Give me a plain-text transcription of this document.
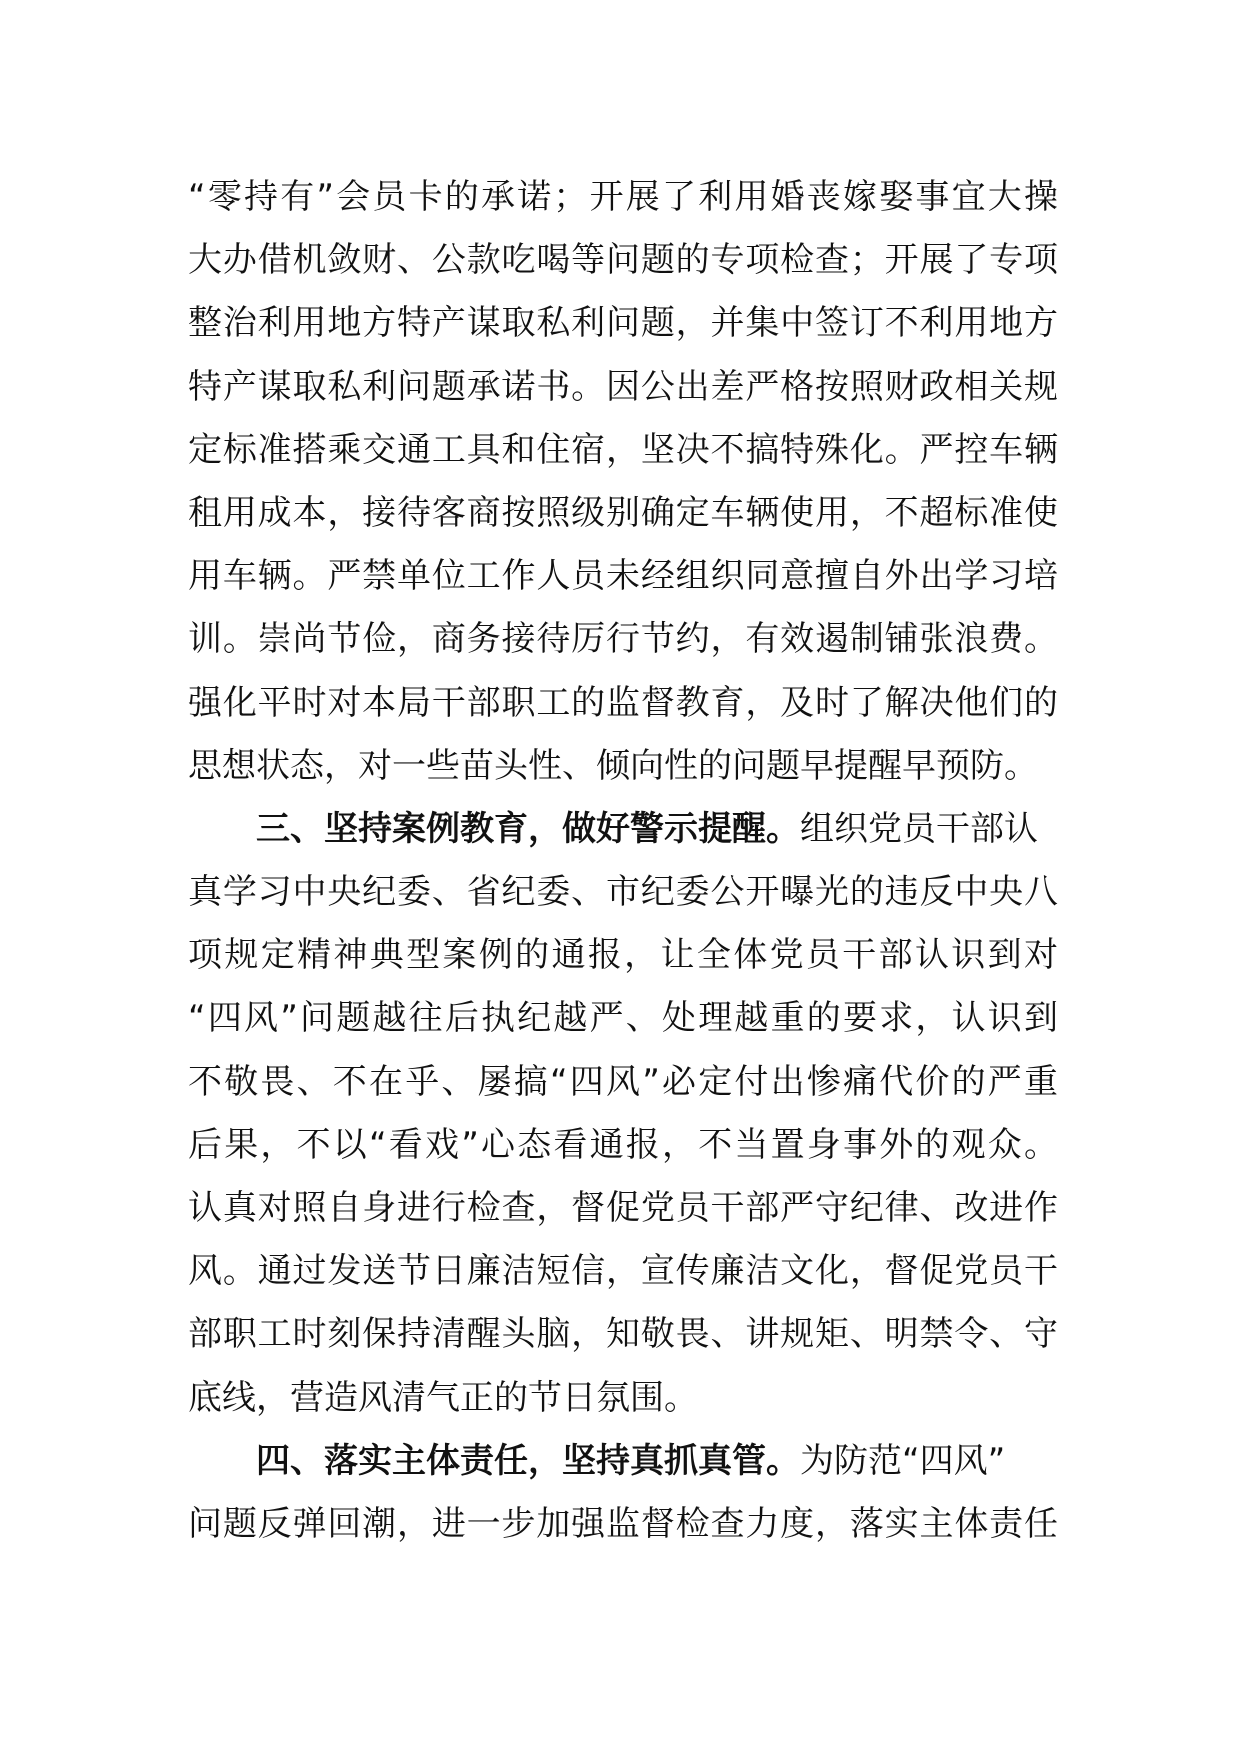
“零持有”会员卡的承诺；开展了利用婚丧嫁娶事宜大操
大办借机敛财、公款吃喝等问题的专项检查；开展了专项
整治利用地方特产谋取私利问题，并集中签订不利用地方
特产谋取私利问题承诺书。因公出差严格按照财政相关规
定标准搭乘交通工具和住宿，坚决不搞特殊化。严控车辆
租用成本，接待客商按照级别确定车辆使用，不超标准使
用车辆。严禁单位工作人员未经组织同意擅自外出学习培
训。崇尚节俭，商务接待厉行节约，有效遏制铺张浪费。
强化平时对本局干部职工的监督教育，及时了解决他们的
思想状态，对一些苗头性、倾向性的问题早提醒早预防。
三、坚持案例教育，做好警示提醒。组织党员干部认
真学习中央纪委、省纪委、市纪委公开曝光的违反中央八
项规定精神典型案例的通报，让全体党员干部认识到对
“四风”问题越往后执纪越严、处理越重的要求，认识到
不敬畏、不在乎、屡搞“四风”必定付出惨痛代价的严重
后果，不以“看戏”心态看通报，不当置身事外的观众。
认真对照自身进行检查，督促党员干部严守纪律、改进作
风。通过发送节日廉洁短信，宣传廉洁文化，督促党员干
部职工时刻保持清醒头脑，知敬畏、讲规矩、明禁令、守
底线，营造风清气正的节日氛围。
四、落实主体责任，坚持真抓真管。为防范“四风”
问题反弹回潮，进一步加强监督检查力度，落实主体责任
